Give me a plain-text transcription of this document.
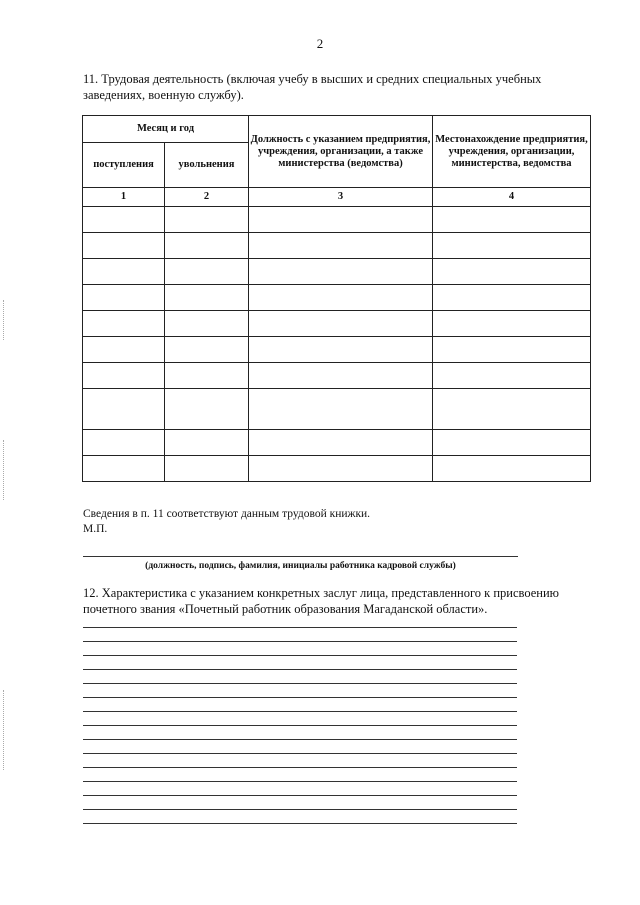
2
11. Трудовая деятельность (включая учебу в высших и средних специальных учебных заведениях, военную службу).
Месяц и год		Должность с указанием предприятия, учреждения, организации, а также министерства (ведомства)	Местонахождение предприятия, учреждения, организации, министерства, ведомства
поступления	увольнения		
1	2	3	4

Сведения в п. 11 соответствуют данным трудовой книжки.
М.П.
(должность, подпись, фамилия, инициалы работника кадровой службы)
12. Характеристика с указанием конкретных заслуг лица, представленного к присвоению почетного звания «Почетный работник образования Магаданской области».
